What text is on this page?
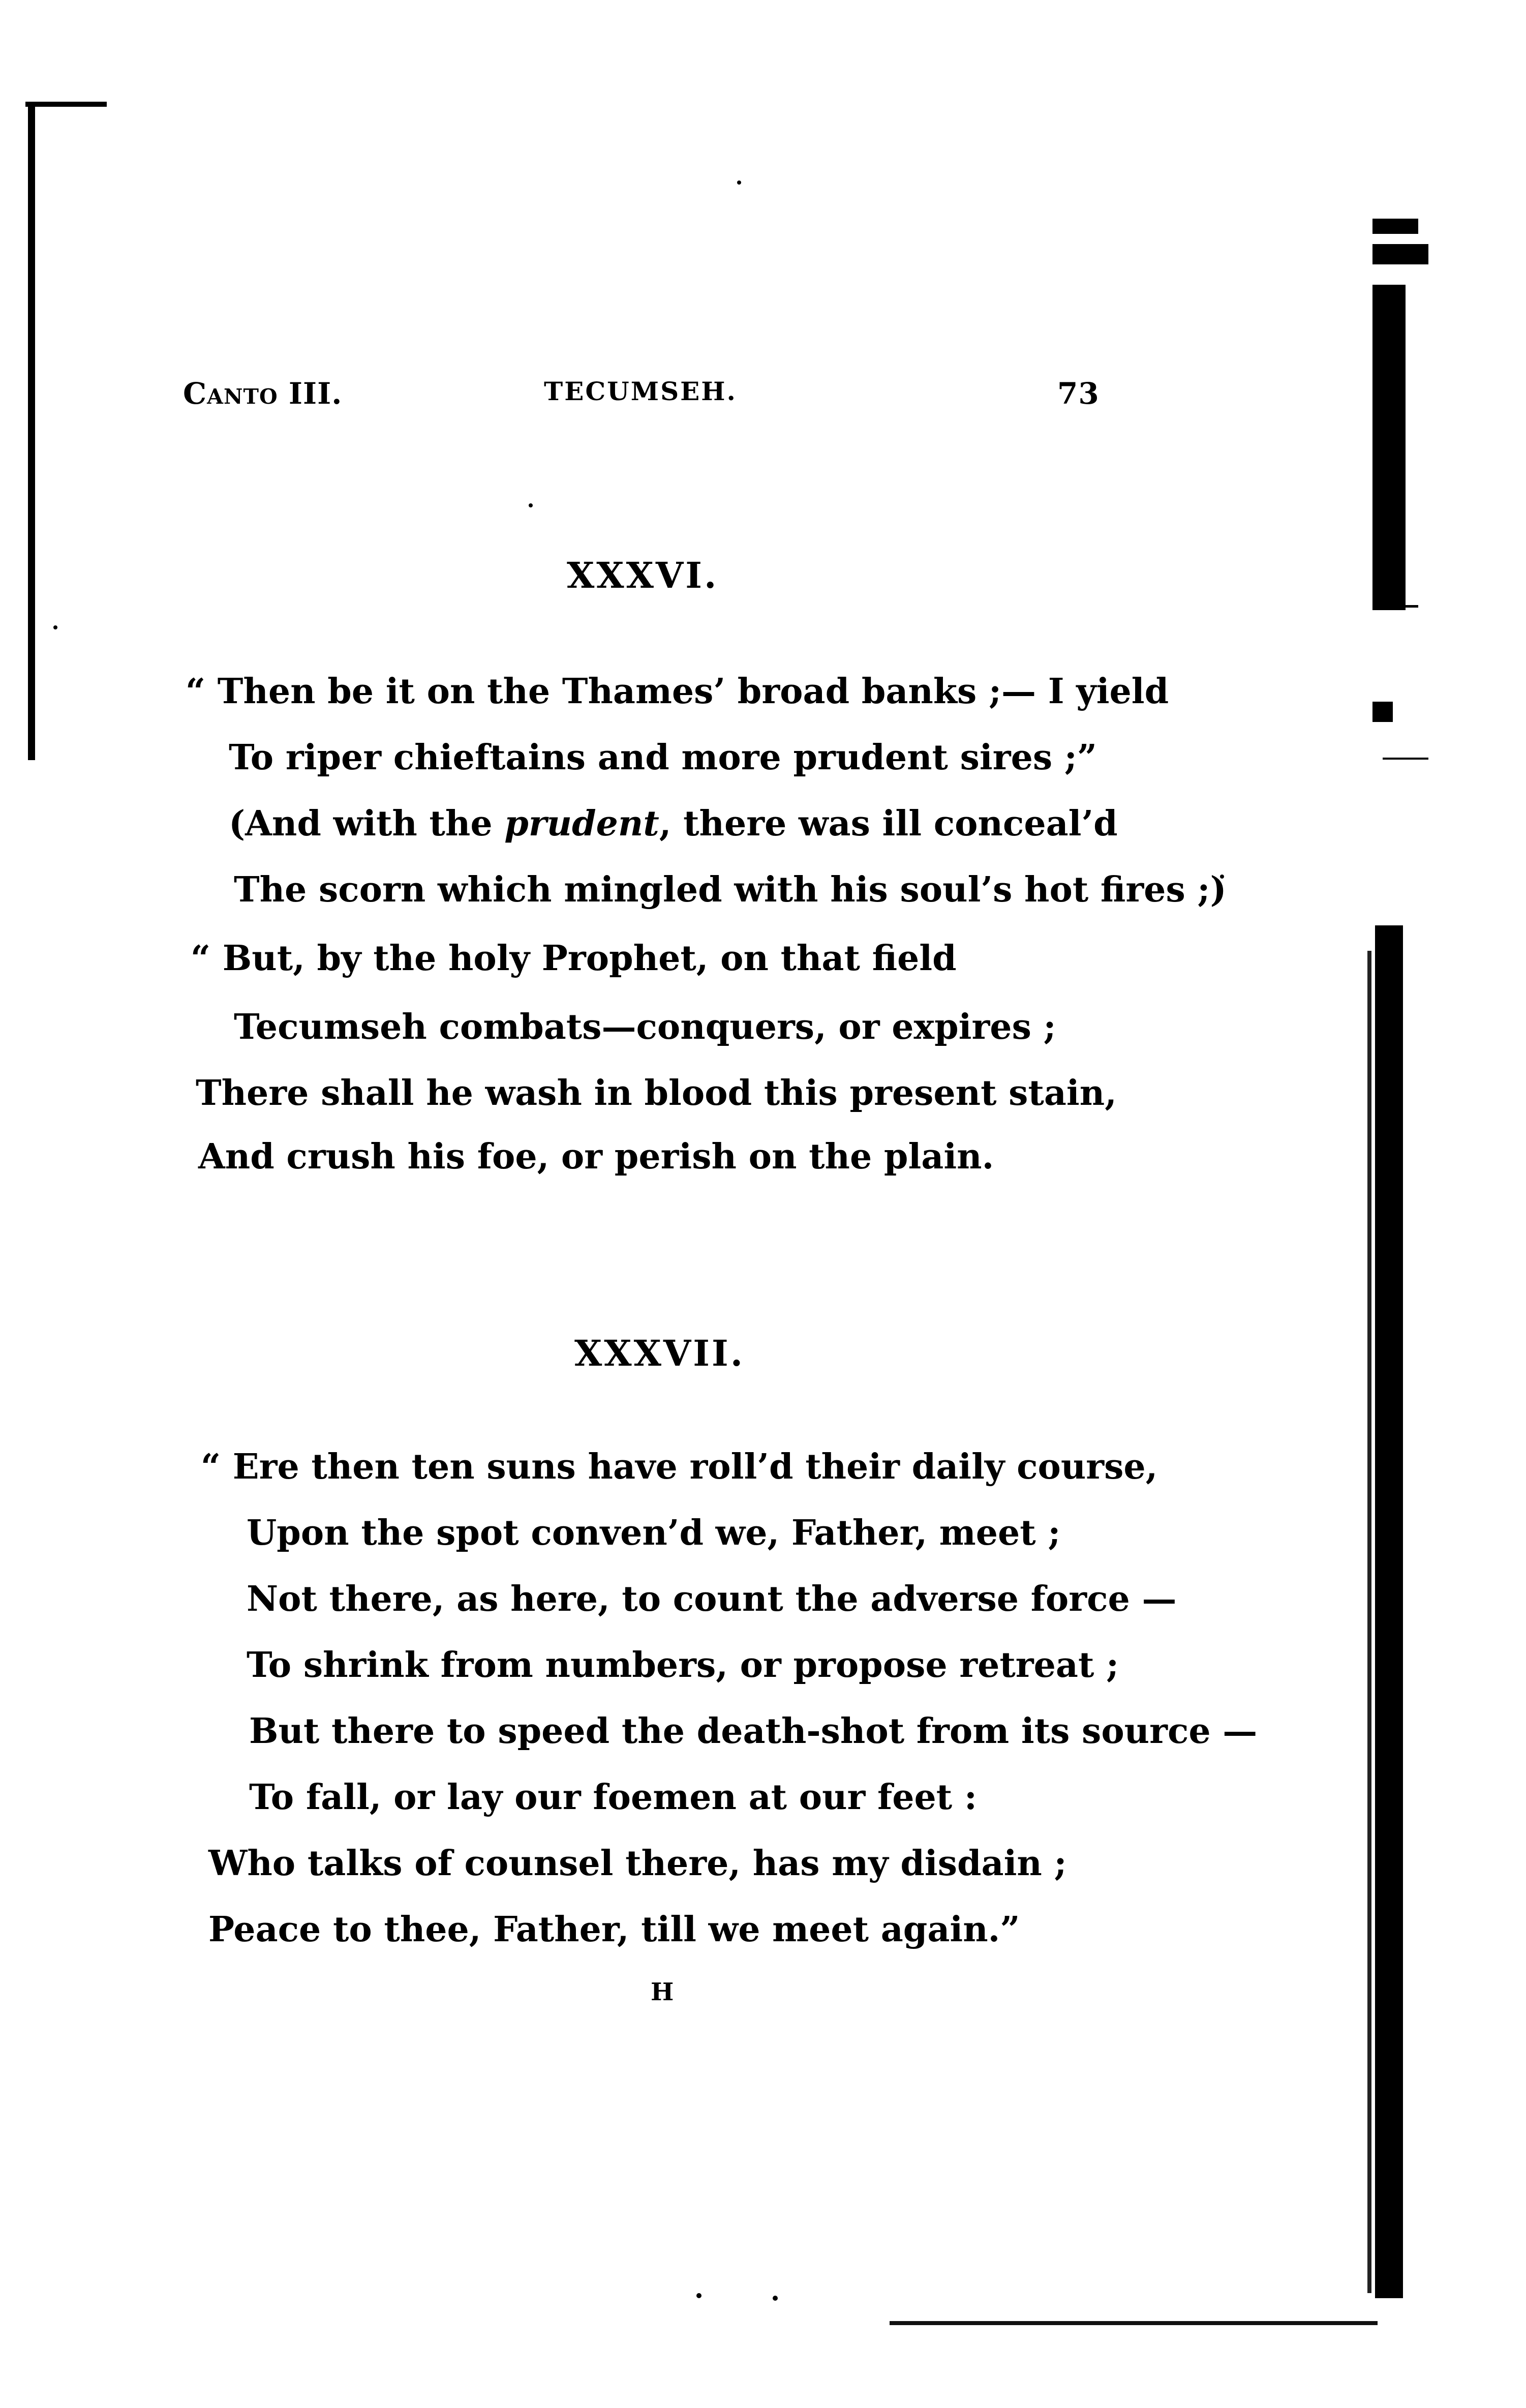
Canto III.	TECUMSEH.	73
XXXVI.
“ Then be it on the Thames’ broad banks ;— I yield
To riper chieftains and more prudent sires ;”
(And with the prudent, there was ill conceal’d
The scorn which mingled with his soul’s hot fires ;)
“ But, by the holy Prophet, on that field
Tecumseh combats—conquers, or expires ;
There shall he wash in blood this present stain,
And crush his foe, or perish on the plain.
XXXVII.
“ Ere then ten suns have roll’d their daily course,
Upon the spot conven’d we, Father, meet ;
Not there, as here, to count the adverse force —
To shrink from numbers, or propose retreat ;
But there to speed the death-shot from its source —
To fall, or lay our foemen at our feet :
Who talks of counsel there, has my disdain ;
Peace to thee, Father, till we meet again.”
H
